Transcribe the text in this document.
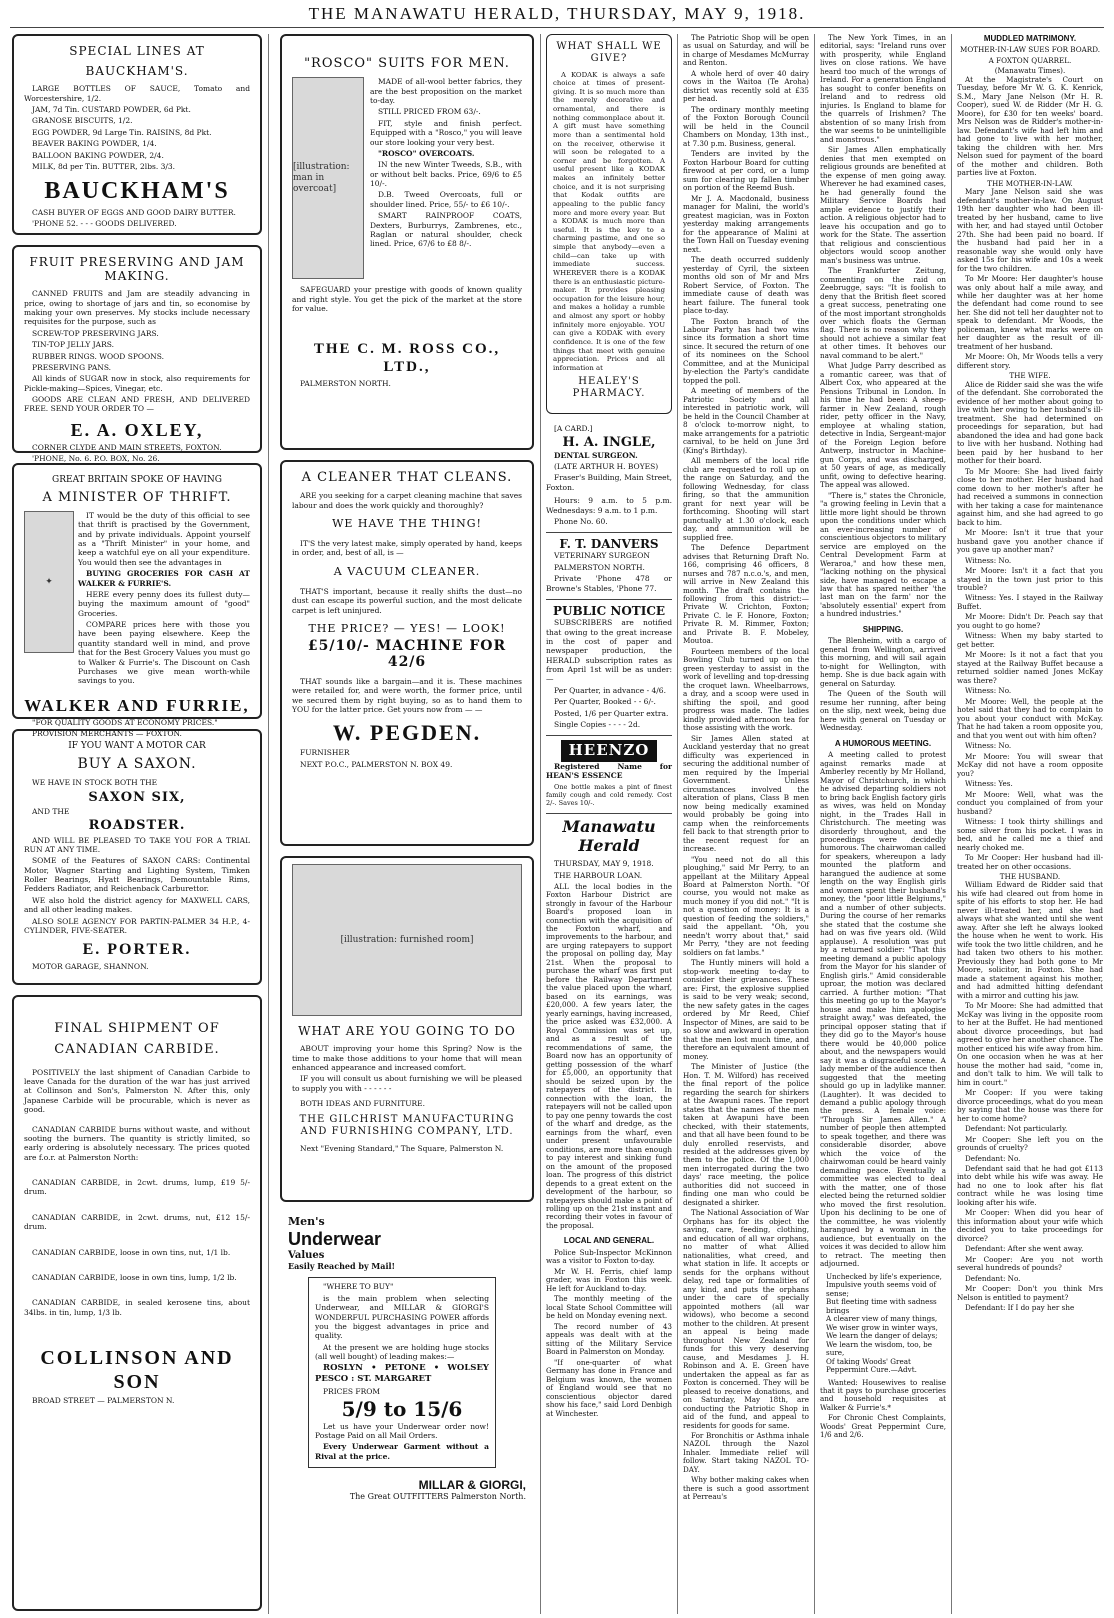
THE MANAWATU HERALD, THURSDAY, MAY 9, 1918.
SPECIAL LINES AT
BAUCKHAM'S.

LARGE BOTTLES OF SAUCE, Tomato and Worcestershire, 1/2.

JAM, 7d Tin. CUSTARD POWDER, 6d Pkt.

GRANOSE BISCUITS, 1/2.

EGG POWDER, 9d Large Tin. RAISINS, 8d Pkt.

BEAVER BAKING POWDER, 1/4.

BALLOON BAKING POWDER, 2/4.

MILK, 8d per Tin. BUTTER, 2lbs. 3/3.

BAUCKHAM'S

CASH BUYER OF EGGS AND GOOD DAIRY BUTTER.

'PHONE 52. - - - GOODS DELIVERED.

FRUIT PRESERVING AND JAM MAKING.

CANNED FRUITS and Jam are steadily advancing in price, owing to shortage of jars and tin, so economise by making your own preserves. My stocks include necessary requisites for the purpose, such as

SCREW-TOP PRESERVING JARS.

TIN-TOP JELLY JARS.

RUBBER RINGS. WOOD SPOONS.

PRESERVING PANS.

All kinds of SUGAR now in stock, also requirements for Pickle-making—Spices, Vinegar, etc.

GOODS ARE CLEAN AND FRESH, AND DELIVERED FREE. SEND YOUR ORDER TO —

E. A. OXLEY,

CORNER CLYDE AND MAIN STREETS, FOXTON.

'PHONE, No. 6. P.O. BOX, No. 26.

GREAT BRITAIN SPOKE OF HAVING
A MINISTER OF THRIFT.
✦

IT would be the duty of this official to see that thrift is practised by the Government, and by private individuals. Appoint yourself as a "Thrift Minister" in your home, and keep a watchful eye on all your expenditure. You would then see the advantages in

BUYING GROCERIES FOR CASH AT WALKER & FURRIE'S.

HERE every penny does its fullest duty—buying the maximum amount of "good" Groceries.

COMPARE prices here with those you have been paying elsewhere. Keep the quantity standard well in mind, and prove that for the Best Grocery Values you must go to Walker & Furrie's. The Discount on Cash Purchases we give mean worth-while savings to you.

WALKER AND FURRIE,

"FOR QUALITY GOODS AT ECONOMY PRICES."

PROVISION MERCHANTS — FOXTON.

IF YOU WANT A MOTOR CAR
BUY A SAXON.

WE HAVE IN STOCK BOTH THE

SAXON SIX,

AND THE

ROADSTER.

AND WILL BE PLEASED TO TAKE YOU FOR A TRIAL RUN AT ANY TIME.

SOME of the Features of SAXON CARS: Continental Motor, Wagner Starting and Lighting System, Timken Roller Bearings, Hyatt Bearings, Demountable Rims, Fedders Radiator, and Reichenback Carburettor.

WE also hold the district agency for MAXWELL CARS, and all other leading makes.

ALSO SOLE AGENCY FOR PARTIN-PALMER 34 H.P., 4-CYLINDER, FIVE-SEATER.

E. PORTER.

MOTOR GARAGE, SHANNON.

FINAL SHIPMENT OF
CANADIAN CARBIDE.

POSITIVELY the last shipment of Canadian Carbide to leave Canada for the duration of the war has just arrived at Collinson and Son's, Palmerston N. After this, only Japanese Carbide will be procurable, which is never as good.

CANADIAN CARBIDE burns without waste, and without sooting the burners. The quantity is strictly limited, so early ordering is absolutely necessary. The prices quoted are f.o.r. at Palmerston North:

CANADIAN CARBIDE, in 2cwt. drums, lump, £19 5/- drum.

CANADIAN CARBIDE, in 2cwt. drums, nut, £12 15/- drum.

CANADIAN CARBIDE, loose in own tins, nut, 1/1 lb.

CANADIAN CARBIDE, loose in own tins, lump, 1/2 lb.

CANADIAN CARBIDE, in sealed kerosene tins, about 34lbs. in tin, lump, 1/3 lb.

COLLINSON AND SON

BROAD STREET — PALMERSTON N.

"ROSCO" SUITS FOR MEN.
[illustration: man in overcoat]

MADE of all-wool better fabrics, they are the best proposition on the market to-day.

STILL PRICED FROM 63/-.

FIT, style and finish perfect. Equipped with a "Rosco," you will leave our store looking your very best.

"ROSCO" OVERCOATS.

IN the new Winter Tweeds, S.B., with or without belt backs. Price, 69/6 to £5 10/-.

D.B. Tweed Overcoats, full or shoulder lined. Price, 55/- to £6 10/-.

SMART RAINPROOF COATS, Dexters, Burburrys, Zambrenes, etc., Raglan or natural shoulder, check lined. Price, 67/6 to £8 8/-.

SAFEGUARD your prestige with goods of known quality and right style. You get the pick of the market at the store for value.

THE C. M. ROSS CO., LTD.,

PALMERSTON NORTH.

A CLEANER THAT CLEANS.

ARE you seeking for a carpet cleaning machine that saves labour and does the work quickly and thoroughly?

WE HAVE THE THING!

IT'S the very latest make, simply operated by hand, keeps in order, and, best of all, is —

A VACUUM CLEANER.

THAT'S important, because it really shifts the dust—no dust can escape its powerful suction, and the most delicate carpet is left uninjured.

THE PRICE? — YES! — LOOK!
£5/10/- MACHINE FOR 42/6

THAT sounds like a bargain—and it is. These machines were retailed for, and were worth, the former price, until we secured them by right buying, so as to hand them to YOU for the latter price. Get yours now from — —

W. PEGDEN.

FURNISHER

NEXT P.O.C., PALMERSTON N. BOX 49.

[illustration: furnished room]
WHAT ARE YOU GOING TO DO

ABOUT improving your home this Spring? Now is the time to make those additions to your home that will mean enhanced appearance and increased comfort.

IF you will consult us about furnishing we will be pleased to supply you with - - - - - -

BOTH IDEAS AND FURNITURE.

THE GILCHRIST MANUFACTURING AND FURNISHING COMPANY, LTD.

Next "Evening Standard," The Square, Palmerston N.

Men's
Underwear
Values
Easily Reached by Mail!

"WHERE TO BUY"

is the main problem when selecting Underwear, and MILLAR & GIORGI'S WONDERFUL PURCHASING POWER affords you the biggest advantages in price and quality.

At the present we are holding huge stocks (all well bought) of leading makes:—

ROSLYN • PETONE • WOLSEY PESCO : ST. MARGARET

PRICES FROM

5/9 to 15/6

Let us have your Underwear order now! Postage Paid on all Mail Orders.

Every Underwear Garment without a Rival at the price.

MILLAR & GIORGI,
The Great OUTFITTERS Palmerston North.
WHAT SHALL WE GIVE?

A KODAK is always a safe choice at times of present-giving. It is so much more than the merely decorative and ornamental, and there is nothing commonplace about it. A gift must have something more than a sentimental hold on the receiver, otherwise it will soon be relegated to a corner and be forgotten. A useful present like a KODAK makes an infinitely better choice, and it is not surprising that Kodak outfits are appealing to the public fancy more and more every year. But a KODAK is much more than useful. It is the key to a charming pastime, and one so simple that anybody—even a child—can take up with immediate success. WHEREVER there is a KODAK there is an enthusiastic picture-maker. It provides pleasing occupation for the leisure hour, and makes a holiday a rumble and almost any sport or hobby infinitely more enjoyable. YOU can give a KODAK with every confidence. It is one of the few things that meet with genuine appreciation. Prices and all information at

HEALEY'S PHARMACY.

[A CARD.]

H. A. INGLE,

DENTAL SURGEON.

(LATE ARTHUR H. BOYES)

Fraser's Building, Main Street, Foxton.

Hours: 9 a.m. to 5 p.m. Wednesdays: 9 a.m. to 1 p.m.

Phone No. 60.

F. T. DANVERS

VETERINARY SURGEON

PALMERSTON NORTH.

Private 'Phone 478 or Browne's Stables, 'Phone 77.

PUBLIC NOTICE

SUBSCRIBERS are notified that owing to the great increase in the cost of paper and newspaper production, the HERALD subscription rates as from April 1st will be as under:—

Per Quarter, in advance - 4/6.

Per Quarter, Booked - - 6/-.

Posted, 1/6 per Quarter extra.

Single Copies - - - - 2d.

HEENZO

Registered Name for HEAN'S ESSENCE

One bottle makes a pint of finest family cough and cold remedy. Cost 2/-. Saves 10/-.

Manawatu Herald

THURSDAY, MAY 9, 1918.

THE HARBOUR LOAN.

ALL the local bodies in the Foxton Harbour District are strongly in favour of the Harbour Board's proposed loan in connection with the acquisition of the Foxton wharf, and improvements to the harbour, and are urging ratepayers to support the proposal on polling day, May 21st. When the proposal to purchase the wharf was first put before the Railway Department the value placed upon the wharf, based on its earnings, was £20,000. A few years later, the yearly earnings, having increased, the price asked was £32,000. A Royal Commission was set up, and as a result of the recommendations of same, the Board now has an opportunity of getting possession of the wharf for £5,000, an opportunity that should be seized upon by the ratepayers of the district. In connection with the loan, the ratepayers will not be called upon to pay one penny towards the cost of the wharf and dredge, as the earnings from the wharf, even under present unfavourable conditions, are more than enough to pay interest and sinking fund on the amount of the proposed loan. The progress of this district depends to a great extent on the development of the harbour, so ratepayers should make a point of rolling up on the 21st instant and recording their votes in favour of the proposal.

LOCAL AND GENERAL.

Police Sub-Inspector McKinnon was a visitor to Foxton to-day.

Mr W. H. Ferris, chief lamp grader, was in Foxton this week. He left for Auckland to-day.

The monthly meeting of the local State School Committee will be held on Monday evening next.

The record number of 43 appeals was dealt with at the sitting of the Military Service Board in Palmerston on Monday.

"If one-quarter of what Germany has done in France and Belgium was known, the women of England would see that no conscientious objector dared show his face," said Lord Denbigh at Winchester.

The Patriotic Shop will be open as usual on Saturday, and will be in charge of Mesdames McMurray and Renton.

A whole herd of over 40 dairy cows in the Waitoa (Te Aroha) district was recently sold at £35 per head.

The ordinary monthly meeting of the Foxton Borough Council will be held in the Council Chambers on Monday, 13th inst., at 7.30 p.m. Business, general.

Tenders are invited by the Foxton Harbour Board for cutting firewood at per cord, or a lump sum for clearing up fallen timber on portion of the Reemd Bush.

Mr J. A. Macdonald, business manager for Malini, the world's greatest magician, was in Foxton yesterday making arrangements for the appearance of Malini at the Town Hall on Tuesday evening next.

The death occurred suddenly yesterday of Cyril, the sixteen months old son of Mr and Mrs Robert Service, of Foxton. The immediate cause of death was heart failure. The funeral took place to-day.

The Foxton branch of the Labour Party has had two wins since its formation a short time since. It secured the return of one of its nominees on the School Committee, and at the Municipal by-election the Party's candidate topped the poll.

A meeting of members of the Patriotic Society and all interested in patriotic work, will be held in the Council Chamber at 8 o'clock to-morrow night, to make arrangements for a patriotic carnival, to be held on June 3rd (King's Birthday).

All members of the local rifle club are requested to roll up on the range on Saturday, and the following Wednesday, for class firing, so that the ammunition grant for next year will be forthcoming. Shooting will start punctually at 1.30 o'clock, each day, and ammunition will be supplied free.

The Defence Department advises that Returning Draft No. 166, comprising 46 officers, 8 nurses and 787 n.c.o.'s, and men, will arrive in New Zealand this month. The draft contains the following from this district:—Private W. Crichton, Foxton; Private C. le F. Honore, Foxton; Private R. M. Rimmer, Foxton; and Private B. F. Mobeley, Moutoa.

Fourteen members of the local Bowling Club turned up on the green yesterday to assist in the work of levelling and top-dressing the croquet lawn. Wheelbarrows, a dray, and a scoop were used in shifting the spoil, and good progress was made. The ladies kindly provided afternoon tea for those assisting with the work.

Sir James Allen stated at Auckland yesterday that no great difficulty was experienced in securing the additional number of men required by the Imperial Government. Unless circumstances involved the alteration of plans, Class B men now being medically examined would probably be going into camp when the reinforcements fell back to that strength prior to the recent request for an increase.

"You need not do all this ploughing," said Mr Perry, to an appellant at the Military Appeal Board at Palmerston North. "Of course, you would not make as much money if you did not." "It is not a question of money: It is a question of feeding the soldiers," said the appellant. "Oh, you needn't worry about that," said Mr Perry, "they are not feeding soldiers on fat lambs."

The Huntly miners will hold a stop-work meeting to-day to consider their grievances. These are: First, the explosive supplied is said to be very weak; second, the new safety gates in the cages ordered by Mr Reed, Chief Inspector of Mines, are said to be so slow and awkward in operation that the men lost much time, and therefore an equivalent amount of money.

The Minister of Justice (the Hon. T. M. Wilford) has received the final report of the police regarding the search for shirkers at the Awapuni races. The report states that the names of the men taken at Awapuni have been checked, with their statements, and that all have been found to be duly enrolled reservists, and resided at the addresses given by them to the police. Of the 1,000 men interrogated during the two days' race meeting, the police authorities did not succeed in finding one man who could be designated a shirker.

The National Association of War Orphans has for its object the saving, care, feeding, clothing, and education of all war orphans, no matter of what Allied nationalities, what creed, and what station in life. It accepts or sends for the orphans without delay, red tape or formalities of any kind, and puts the orphans under the care of specially appointed mothers (all war widows), who become a second mother to the children. At present an appeal is being made throughout New Zealand for funds for this very deserving cause, and Mesdames J. H. Robinson and A. E. Green have undertaken the appeal as far as Foxton is concerned. They will be pleased to receive donations, and on Saturday, May 18th, are conducting the Patriotic Shop in aid of the fund, and appeal to residents for goods for same.

For Bronchitis or Asthma inhale NAZOL through the Nazol Inhaler. Immediate relief will follow. Start taking NAZOL TO-DAY.

Why bother making cakes when there is such a good assortment at Perreau's

The New York Times, in an editorial, says: "Ireland runs over with prosperity, while England lives on close rations. We have heard too much of the wrongs of Ireland. For a generation England has sought to confer benefits on Ireland and to redress old injuries. Is England to blame for the quarrels of Irishmen? The abstention of so many Irish from the war seems to be unintelligible and monstrous."

Sir James Allen emphatically denies that men exempted on religious grounds are benefited at the expense of men going away. Wherever he had examined cases, he had generally found the Military Service Boards had ample evidence to justify their action. A religious objector had to leave his occupation and go to work for the State. The assertion that religious and conscientious objectors would scoop another man's business was untrue.

The Frankfurter Zeitung, commenting on the raid on Zeebrugge, says: "It is foolish to deny that the British fleet scored a great success, penetrating one of the most important strongholds over which floats the German flag. There is no reason why they should not achieve a similar feat at other times. It behoves our naval command to be alert."

What Judge Parry described as a romantic career, was that of Albert Cox, who appeared at the Pensions Tribunal in London. In his time he had been: A sheep-farmer in New Zealand, rough rider, petty officer in the Navy, employee at whaling station, detective in India, Sergeant-major of the Foreign Legion before Antwerp, instructor in Machine-gun Corps, and was discharged, at 50 years of age, as medically unfit, owing to defective hearing. The appeal was allowed.

"There is," states the Chronicle, "a growing feeling in Levin that a little more light should be thrown upon the conditions under which an ever-increasing number of conscientious objectors to military service are employed on the Central Development Farm at Weraroa," and how these men, "lacking nothing on the physical side, have managed to escape a law that has spared neither 'the last man on the farm' nor the 'absolutely essential' expert from a hundred industries."

SHIPPING.

The Blenheim, with a cargo of general from Wellington, arrived this morning, and will sail again to-night for Wellington, with hemp. She is due back again with general on Saturday.

The Queen of the South will resume her running, after being on the slip, next week, being due here with general on Tuesday or Wednesday.

A HUMOROUS MEETING.

A meeting called to protest against remarks made at Amberley recently by Mr Holland, Mayor of Christchurch, in which he advised departing soldiers not to bring back English factory girls as wives, was held on Monday night, in the Trades Hall in Christchurch. The meeting was disorderly throughout, and the proceedings were decidedly humorous. The chairwoman called for speakers, whereupon a lady mounted the platform and harangued the audience at some length on the way English girls and women spent their husband's money, the "poor little Belgiums," and a number of other subjects. During the course of her remarks she stated that the costume she had on was five years old. (Wild applause). A resolution was put by a returned soldier: "That this meeting demand a public apology from the Mayor for his slander of English girls." Amid considerable uproar, the motion was declared carried. A further motion: "That this meeting go up to the Mayor's house and make him apologise straight away," was defeated, the principal opposer stating that if they did go to the Mayor's house there would be 40,000 police about, and the newspapers would say it was a disgraceful scene. A lady member of the audience then suggested that the meeting should go up in ladylike manner. (Laughter). It was decided to demand a public apology through the press. A female voice: "Through Sir James Allen." A number of people then attempted to speak together, and there was considerable disorder, above which the voice of the chairwoman could be heard vainly demanding peace. Eventually a committee was elected to deal with the matter, one of those elected being the returned soldier who moved the first resolution. Upon his declining to be one of the committee, he was violently harangued by a woman in the audience, but eventually on the voices it was decided to allow him to retract. The meeting then adjourned.

Unchecked by life's experience,
Impulsive youth seems void of sense;
But fleeting time with sadness brings
A clearer view of many things,
We wiser grow in winter ways,
We learn the danger of delays;
We learn the wisdom, too, be sure,
Of taking Woods' Great Peppermint Cure.—Advt.

Wanted: Housewives to realise that it pays to purchase groceries and household requisites at Walker & Furrie's.*

For Chronic Chest Complaints, Woods' Great Peppermint Cure, 1/6 and 2/6.

MUDDLED MATRIMONY.
MOTHER-IN-LAW SUES FOR BOARD.
A FOXTON QUARREL.
(Manawatu Times).

At the Magistrate's Court on Tuesday, before Mr W. G. K. Kenrick, S.M., Mary Jane Nelson (Mr H. R. Cooper), sued W. de Ridder (Mr H. G. Moore), for £30 for ten weeks' board. Mrs Nelson was de Ridder's mother-in-law. Defendant's wife had left him and had gone to live with her mother, taking the children with her. Mrs Nelson sued for payment of the board of the mother and children. Both parties live at Foxton.

THE MOTHER-IN-LAW.

Mary Jane Nelson said she was defendant's mother-in-law. On August 19th her daughter who had been ill-treated by her husband, came to live with her, and had stayed until October 27th. She had been paid no board. If the husband had paid her in a reasonable way she would only have asked 15s for his wife and 10s a week for the two children.

To Mr Moore: Her daughter's house was only about half a mile away, and while her daughter was at her home the defendant had come round to see her. She did not tell her daughter not to speak to defendant. Mr Woods, the policeman, knew what marks were on her daughter as the result of ill-treatment of her husband.

Mr Moore: Oh, Mr Woods tells a very different story.

THE WIFE.

Alice de Ridder said she was the wife of the defendant. She corroborated the evidence of her mother about going to live with her owing to her husband's ill-treatment. She had determined on proceedings for separation, but had abandoned the idea and had gone back to live with her husband. Nothing had been paid by her husband to her mother for their board.

To Mr Moore: She had lived fairly close to her mother. Her husband had come down to her mother's after he had received a summons in connection with her taking a case for maintenance against him, and she had agreed to go back to him.

Mr Moore: Isn't it true that your husband gave you another chance if you gave up another man?

Witness: No.

Mr Moore: Isn't it a fact that you stayed in the town just prior to this trouble?

Witness: Yes. I stayed in the Railway Buffet.

Mr Moore: Didn't Dr. Peach say that you ought to go home?

Witness: When my baby started to get better.

Mr Moore: Is it not a fact that you stayed at the Railway Buffet because a returned soldier named Jones McKay was there?

Witness: No.

Mr Moore: Well, the people at the hotel said that they had to complain to you about your conduct with McKay. That he had taken a room opposite you, and that you went out with him often?

Witness: No.

Mr Moore: You will swear that McKay did not have a room opposite you?

Witness: Yes.

Mr Moore: Well, what was the conduct you complained of from your husband?

Witness: I took thirty shillings and some silver from his pocket. I was in bed, and he called me a thief and nearly choked me.

To Mr Cooper: Her husband had ill-treated her on other occasions.

THE HUSBAND.

William Edward de Ridder said that his wife had cleared out from home in spite of his efforts to stop her. He had never ill-treated her, and she had always what she wanted until she went away. After she left he always looked the house when he went to work. His wife took the two little children, and he had taken two others to his mother. Previously they had both gone to Mr Moore, solicitor, in Foxton. She had made a statement against his mother, and had admitted hitting defendant with a mirror and cutting his jaw.

To Mr Moore: She had admitted that McKay was living in the opposite room to her at the Buffet. He had mentioned about divorce proceedings, but had agreed to give her another chance. The mother enticed his wife away from him. On one occasion when he was at her house the mother had said, "come in, and don't talk to him. We will talk to him in court."

Mr Cooper: If you were taking divorce proceedings, what do you mean by saying that the house was there for her to come home?

Defendant: Not particularly.

Mr Cooper: She left you on the grounds of cruelty?

Defendant: No.

Defendant said that he had got £113 into debt while his wife was away. He had no one to look after his flat contract while he was losing time looking after his wife.

Mr Cooper: When did you hear of this information about your wife which decided you to take proceedings for divorce?

Defendant: After she went away.

Mr Cooper: Are you not worth several hundreds of pounds?

Defendant: No.

Mr Cooper: Don't you think Mrs Nelson is entitled to payment?

Defendant: If I do pay her she
